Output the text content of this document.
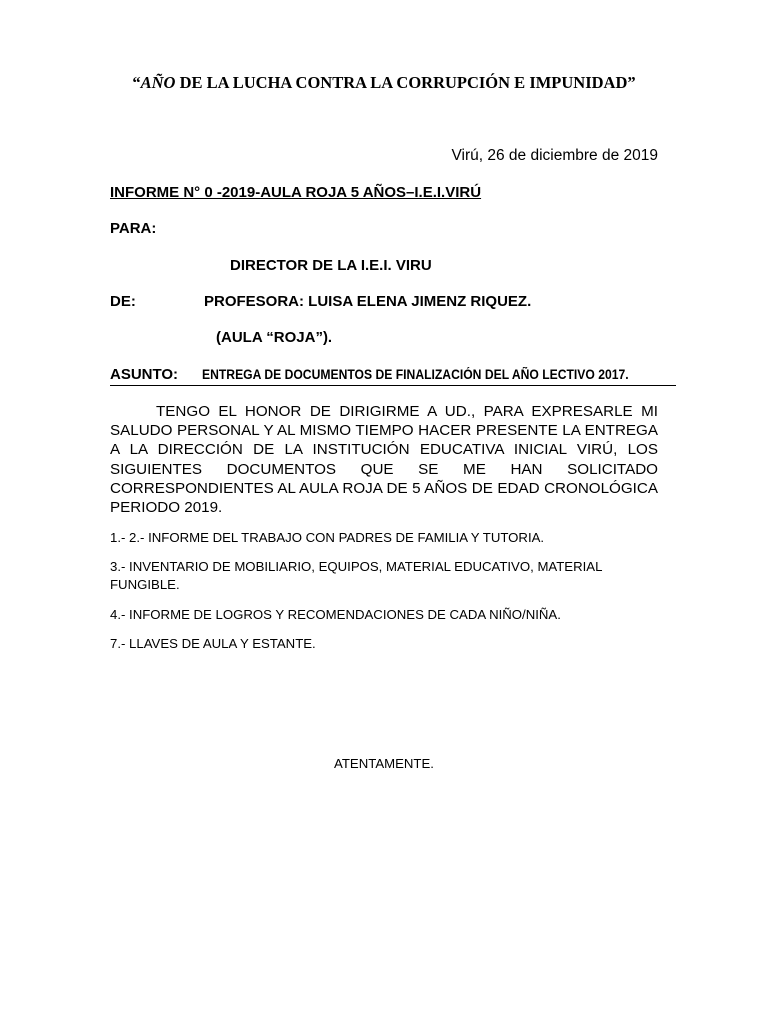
“AÑO DE LA LUCHA CONTRA LA CORRUPCIÓN E IMPUNIDAD”
Virú, 26 de diciembre de 2019
INFORME N° 0 -2019-AULA ROJA 5 AÑOS–I.E.I.VIRÚ
PARA:
DIRECTOR DE LA I.E.I. VIRU
DE:	PROFESORA: LUISA ELENA JIMENZ RIQUEZ.
(AULA “ROJA”).
ASUNTO: ENTREGA DE DOCUMENTOS DE FINALIZACIÓN DEL AÑO LECTIVO 2017.
TENGO EL HONOR DE DIRIGIRME A UD., PARA EXPRESARLE MI SALUDO PERSONAL Y AL MISMO TIEMPO HACER PRESENTE LA ENTREGA A LA DIRECCIÓN DE LA INSTITUCIÓN EDUCATIVA INICIAL VIRÚ, LOS SIGUIENTES DOCUMENTOS QUE SE ME HAN SOLICITADO CORRESPONDIENTES AL AULA ROJA DE 5 AÑOS DE EDAD CRONOLÓGICA PERIODO 2019.
1.- 2.- INFORME DEL TRABAJO CON PADRES DE FAMILIA Y TUTORIA.
3.- INVENTARIO DE MOBILIARIO, EQUIPOS, MATERIAL EDUCATIVO, MATERIAL FUNGIBLE.
4.- INFORME DE LOGROS Y RECOMENDACIONES DE CADA NIÑO/NIÑA.
7.- LLAVES DE AULA Y ESTANTE.
ATENTAMENTE.
